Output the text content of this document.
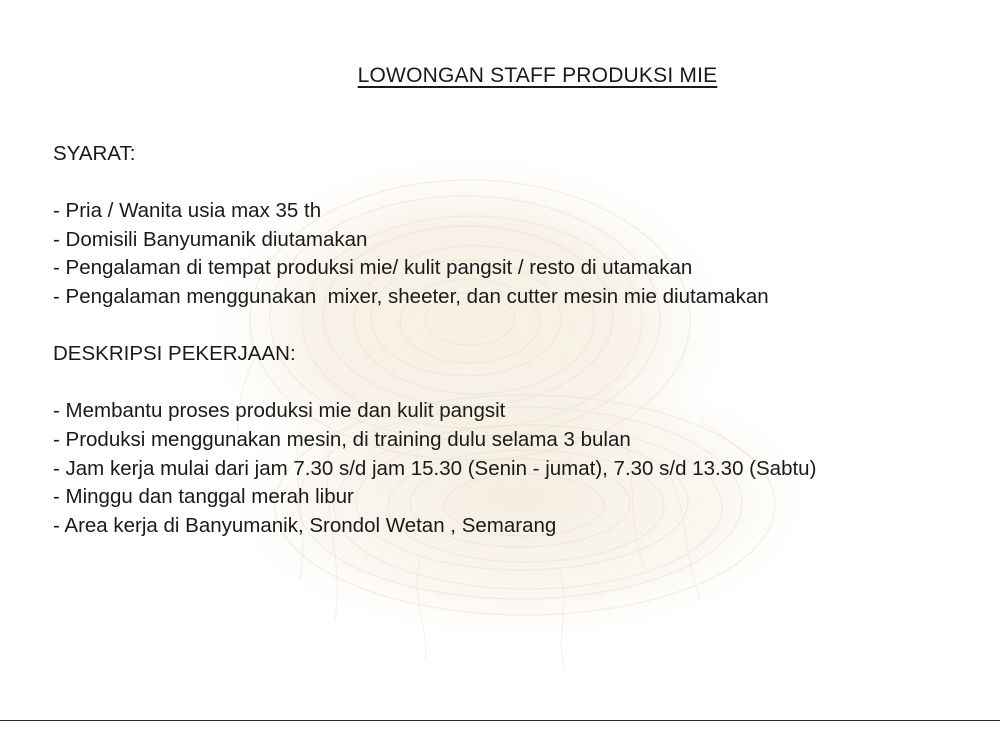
LOWONGAN STAFF PRODUKSI MIE
SYARAT:
- Pria / Wanita usia max 35 th
- Domisili Banyumanik diutamakan
- Pengalaman di tempat produksi mie/ kulit pangsit / resto di utamakan
- Pengalaman menggunakan  mixer, sheeter, dan cutter mesin mie diutamakan
DESKRIPSI PEKERJAAN:
- Membantu proses produksi mie dan kulit pangsit
- Produksi menggunakan mesin, di training dulu selama 3 bulan
- Jam kerja mulai dari jam 7.30 s/d jam 15.30 (Senin - jumat), 7.30 s/d 13.30 (Sabtu)
- Minggu dan tanggal merah libur
- Area kerja di Banyumanik, Srondol Wetan , Semarang
